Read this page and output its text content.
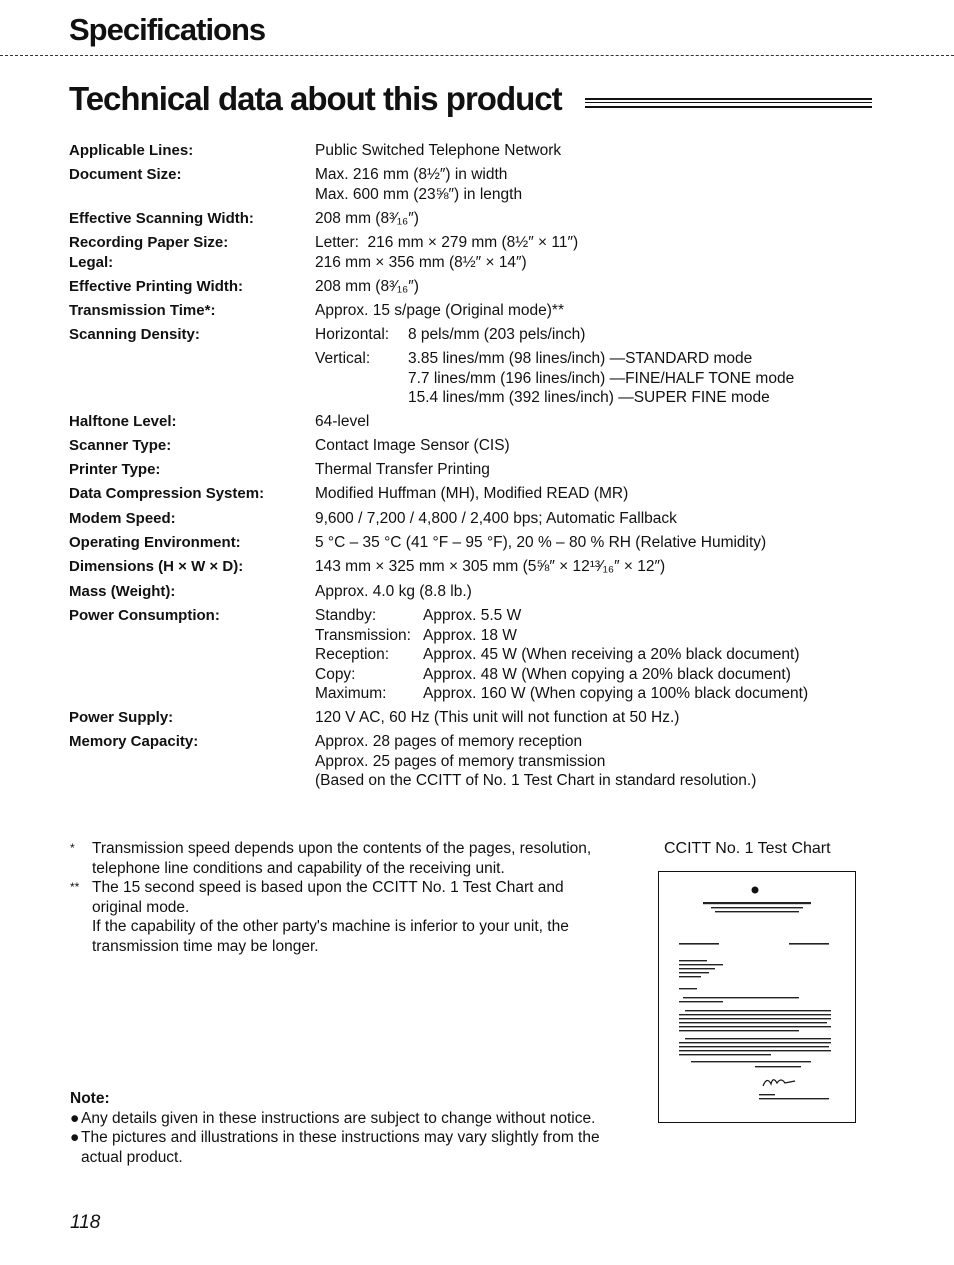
Specifications
Technical data about this product
Applicable Lines:	Public Switched Telephone Network
Document Size:	Max. 216 mm (8½″) in width
Max. 600 mm (23⅝″) in length
Effective Scanning Width:	208 mm (8³⁄₁₆″)
Recording Paper Size:	Letter:  216 mm × 279 mm (8½″ × 11″)
Legal:	216 mm × 356 mm (8½″ × 14″)
Effective Printing Width:	208 mm (8³⁄₁₆″)
Transmission Time*:	Approx. 15 s/page (Original mode)**
Scanning Density:	Horizontal:	8 pels/mm (203 pels/inch)
Vertical:	3.85 lines/mm (98 lines/inch) —STANDARD mode
7.7 lines/mm (196 lines/inch) —FINE/HALF TONE mode
15.4 lines/mm (392 lines/inch) —SUPER FINE mode
Halftone Level:	64-level
Scanner Type:	Contact Image Sensor (CIS)
Printer Type:	Thermal Transfer Printing
Data Compression System:	Modified Huffman (MH), Modified READ (MR)
Modem Speed:	9,600 / 7,200 / 4,800 / 2,400 bps; Automatic Fallback
Operating Environment:	5 °C – 35 °C (41 °F – 95 °F), 20 % – 80 % RH (Relative Humidity)
Dimensions (H × W × D):	143 mm × 325 mm × 305 mm (5⅝″ × 12¹³⁄₁₆″ × 12″)
Mass (Weight):	Approx. 4.0 kg (8.8 lb.)
Power Consumption:	Standby:	Approx. 5.5 W
Transmission: Approx. 18 W
Reception:	Approx. 45 W (When receiving a 20% black document)
Copy:	Approx. 48 W (When copying a 20% black document)
Maximum:	Approx. 160 W (When copying a 100% black document)
Power Supply:	120 V AC, 60 Hz (This unit will not function at 50 Hz.)
Memory Capacity:	Approx. 28 pages of memory reception
Approx. 25 pages of memory transmission
(Based on the CCITT of No. 1 Test Chart in standard resolution.)
* Transmission speed depends upon the contents of the pages, resolution, telephone line conditions and capability of the receiving unit.
** The 15 second speed is based upon the CCITT No. 1 Test Chart and original mode.
If the capability of the other party's machine is inferior to your unit, the transmission time may be longer.
Note:
● Any details given in these instructions are subject to change without notice.
● The pictures and illustrations in these instructions may vary slightly from the actual product.
CCITT No. 1 Test Chart
118
